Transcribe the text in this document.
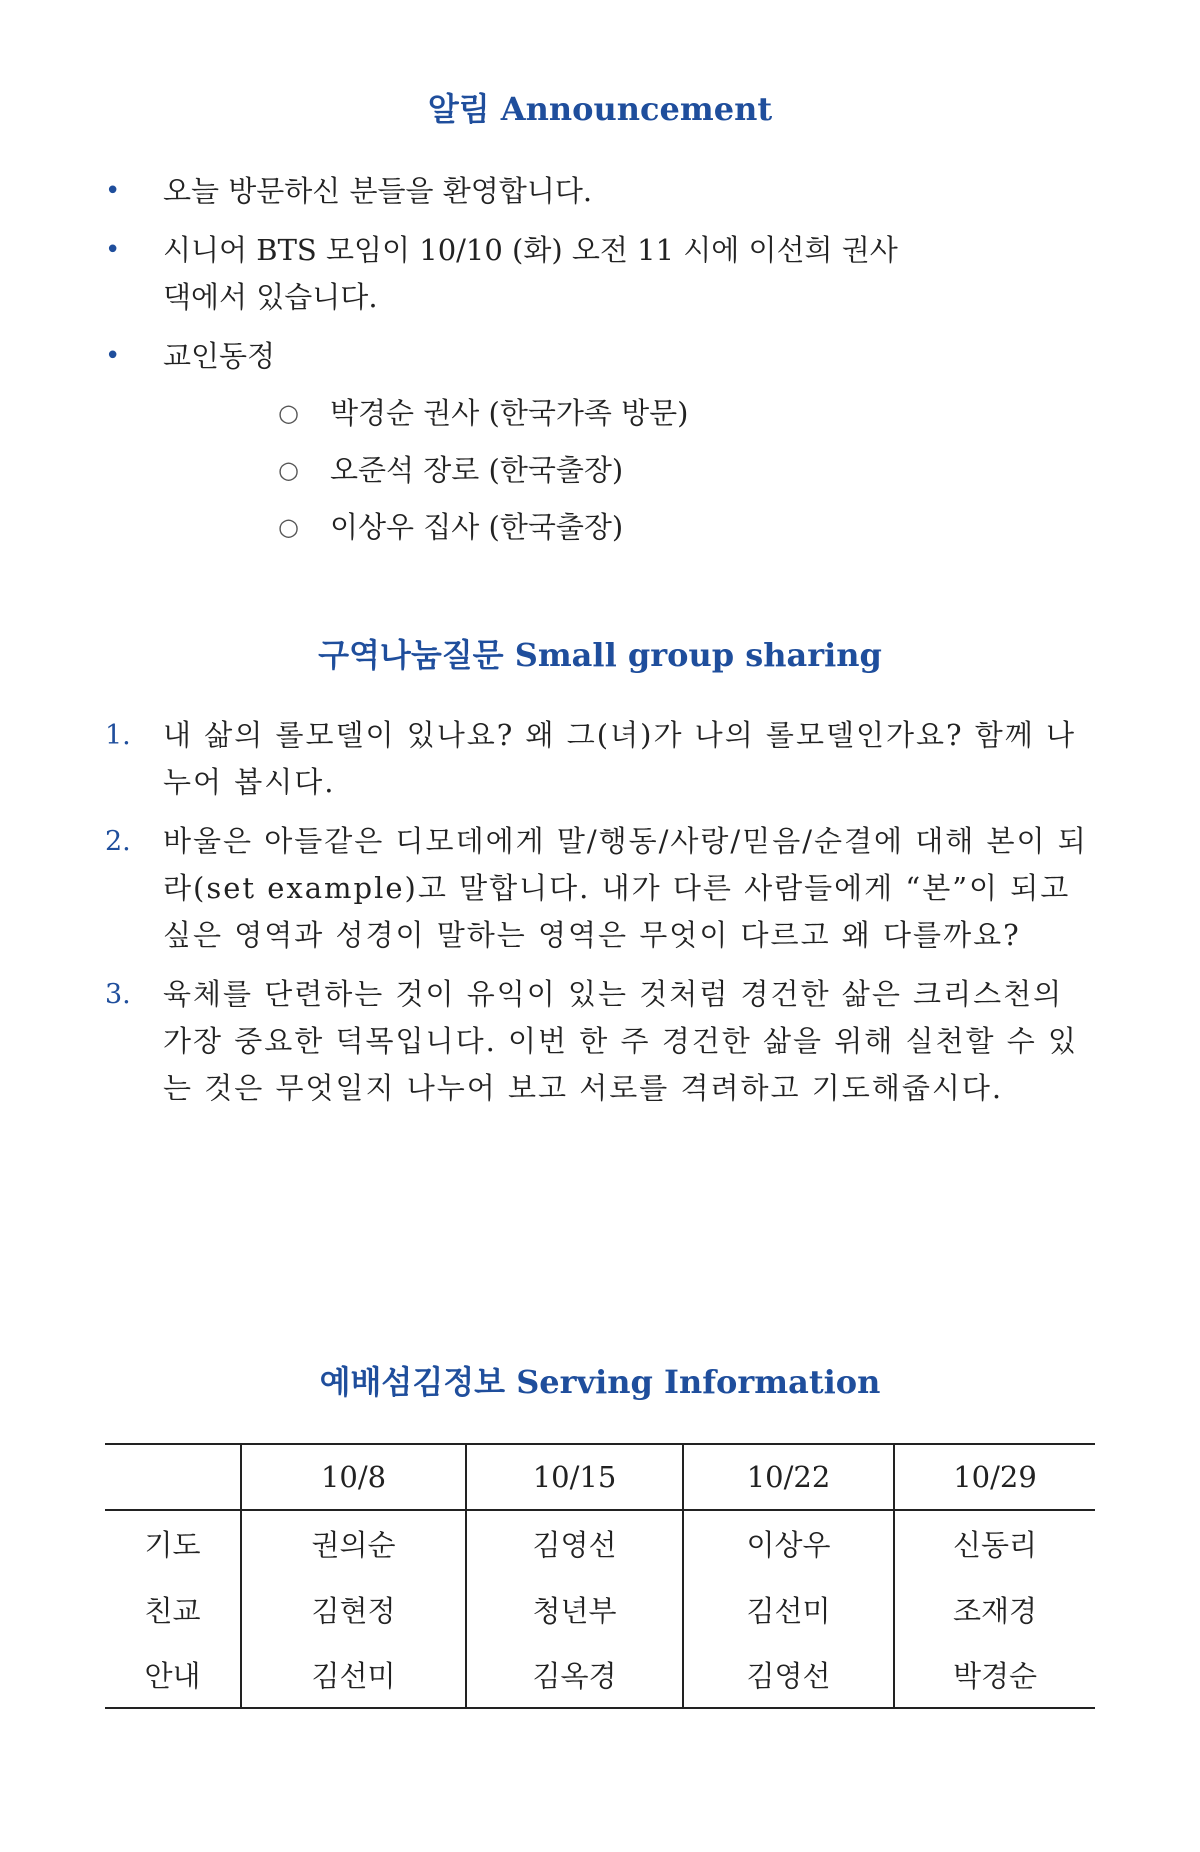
알림 Announcement
• 오늘 방문하신 분들을 환영합니다.
• 시니어 BTS 모임이 10/10 (화) 오전 11 시에 이선희 권사댁에서 있습니다.
• 교인동정
○ 박경순 권사 (한국가족 방문)
○ 오준석 장로 (한국출장)
○ 이상우 집사 (한국출장)
구역나눔질문 Small group sharing
1. 내 삶의 롤모델이 있나요? 왜 그(녀)가 나의 롤모델인가요? 함께 나누어 봅시다.
2. 바울은 아들같은 디모데에게 말/행동/사랑/믿음/순결에 대해 본이 되라(set example)고 말합니다. 내가 다른 사람들에게 “본”이 되고 싶은 영역과 성경이 말하는 영역은 무엇이 다르고 왜 다를까요?
3. 육체를 단련하는 것이 유익이 있는 것처럼 경건한 삶은 크리스천의 가장 중요한 덕목입니다. 이번 한 주 경건한 삶을 위해 실천할 수 있는 것은 무엇일지 나누어 보고 서로를 격려하고 기도해줍시다.
예배섬김정보 Serving Information
	10/8	10/15	10/22	10/29
기도	권의순	김영선	이상우	신동리
친교	김현정	청년부	김선미	조재경
안내	김선미	김옥경	김영선	박경순
